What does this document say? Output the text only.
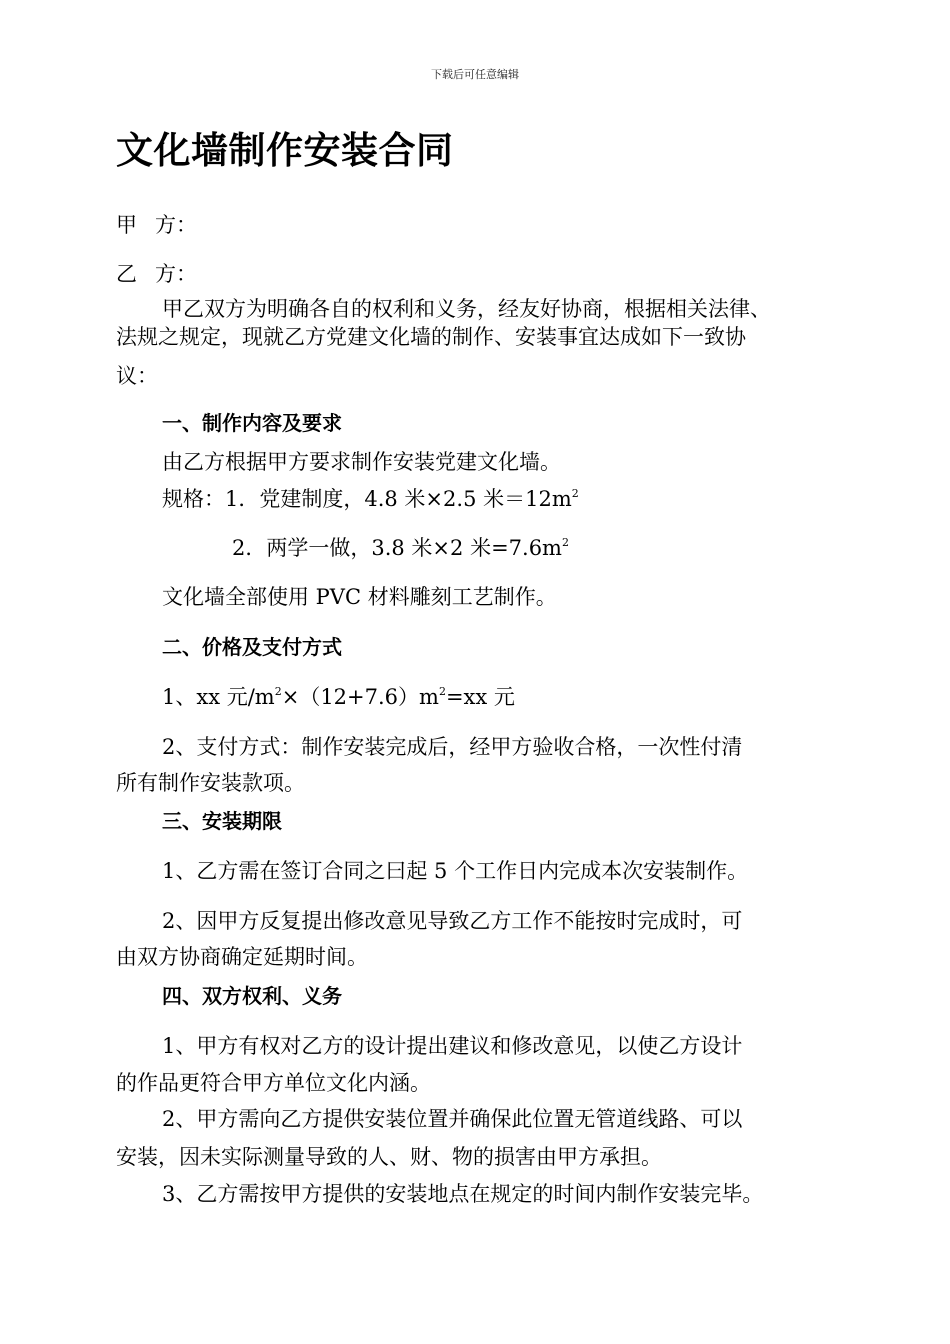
下载后可任意编辑
文化墙制作安装合同
甲 方：
乙 方：
甲乙双方为明确各自的权利和义务，经友好协商，根据相关法律、
法规之规定，现就乙方党建文化墙的制作、安装事宜达成如下一致协
议：
一、制作内容及要求
由乙方根据甲方要求制作安装党建文化墙。
规格：1．党建制度，4.8 米×2.5 米$=12m^2$
2．两学一做，3.8 米×2 米$=7.6m^2$
文化墙全部使用 PVC 材料雕刻工艺制作。
二、价格及支付方式
1、xx 元$/m^2\times(12+7.6)m^2=xx$ 元
2、支付方式：制作安装完成后，经甲方验收合格，一次性付清
所有制作安装款项。
三、安装期限
1、乙方需在签订合同之曰起 5 个工作日内完成本次安装制作。
2、因甲方反复提出修改意见导致乙方工作不能按时完成时，可
由双方协商确定延期时间。
四、双方权利、义务
1、甲方有权对乙方的设计提出建议和修改意见，以使乙方设计
的作品更符合甲方单位文化内涵。
2、甲方需向乙方提供安装位置并确保此位置无管道线路、可以
安装，因未实际测量导致的人、财、物的损害由甲方承担。
3、乙方需按甲方提供的安装地点在规定的时间内制作安装完毕。
